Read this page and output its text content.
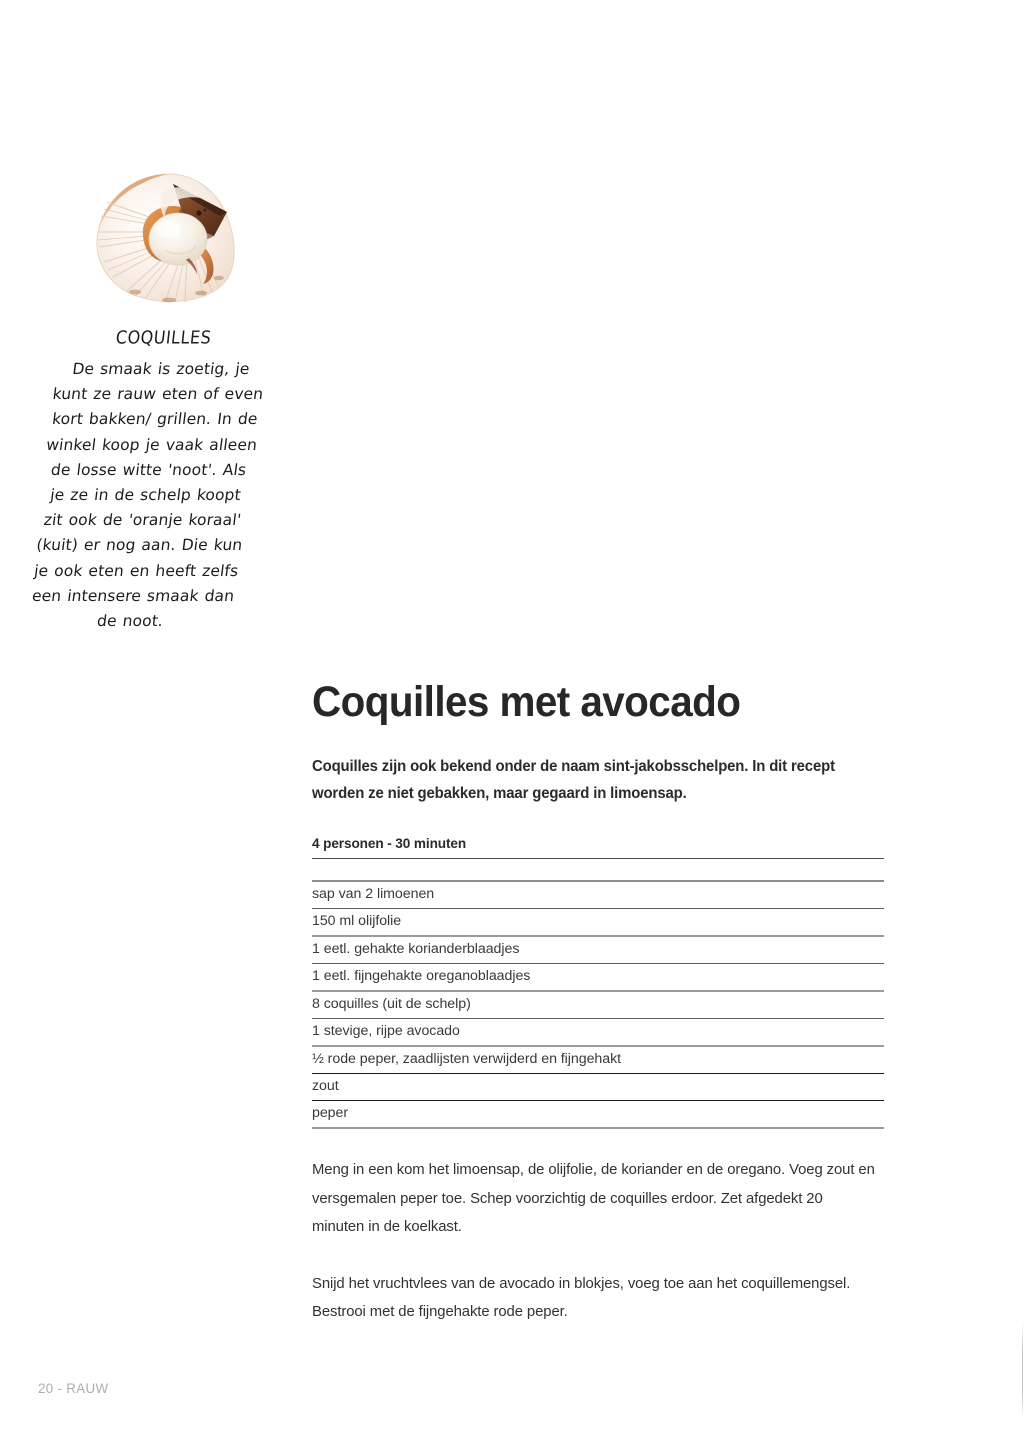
COQUILLES
De smaak is zoetig, je kunt ze rauw eten of even kort bakken/ grillen. In de winkel koop je vaak alleen de losse witte 'noot'. Als je ze in de schelp koopt zit ook de 'oranje koraal' (kuit) er nog aan. Die kun je ook eten en heeft zelfs een intensere smaak dan de noot.
Coquilles met avocado

Coquilles zijn ook bekend onder de naam sint-jakobsschelpen. In dit recept worden ze niet gebakken, maar gegaard in limoensap.

4 personen - 30 minuten
sap van 2 limoenen
150 ml olijfolie
1 eetl. gehakte korianderblaadjes
1 eetl. fijngehakte oreganoblaadjes
8 coquilles (uit de schelp)
1 stevige, rijpe avocado
½ rode peper, zaadlijsten verwijderd en fijngehakt
zout
peper

Meng in een kom het limoensap, de olijfolie, de koriander en de oregano. Voeg zout en versgemalen peper toe. Schep voorzichtig de coquilles erdoor. Zet afgedekt 20 minuten in de koelkast.

Snijd het vruchtvlees van de avocado in blokjes, voeg toe aan het coquillemengsel.
Bestrooi met de fijngehakte rode peper.

20 - RAUW
